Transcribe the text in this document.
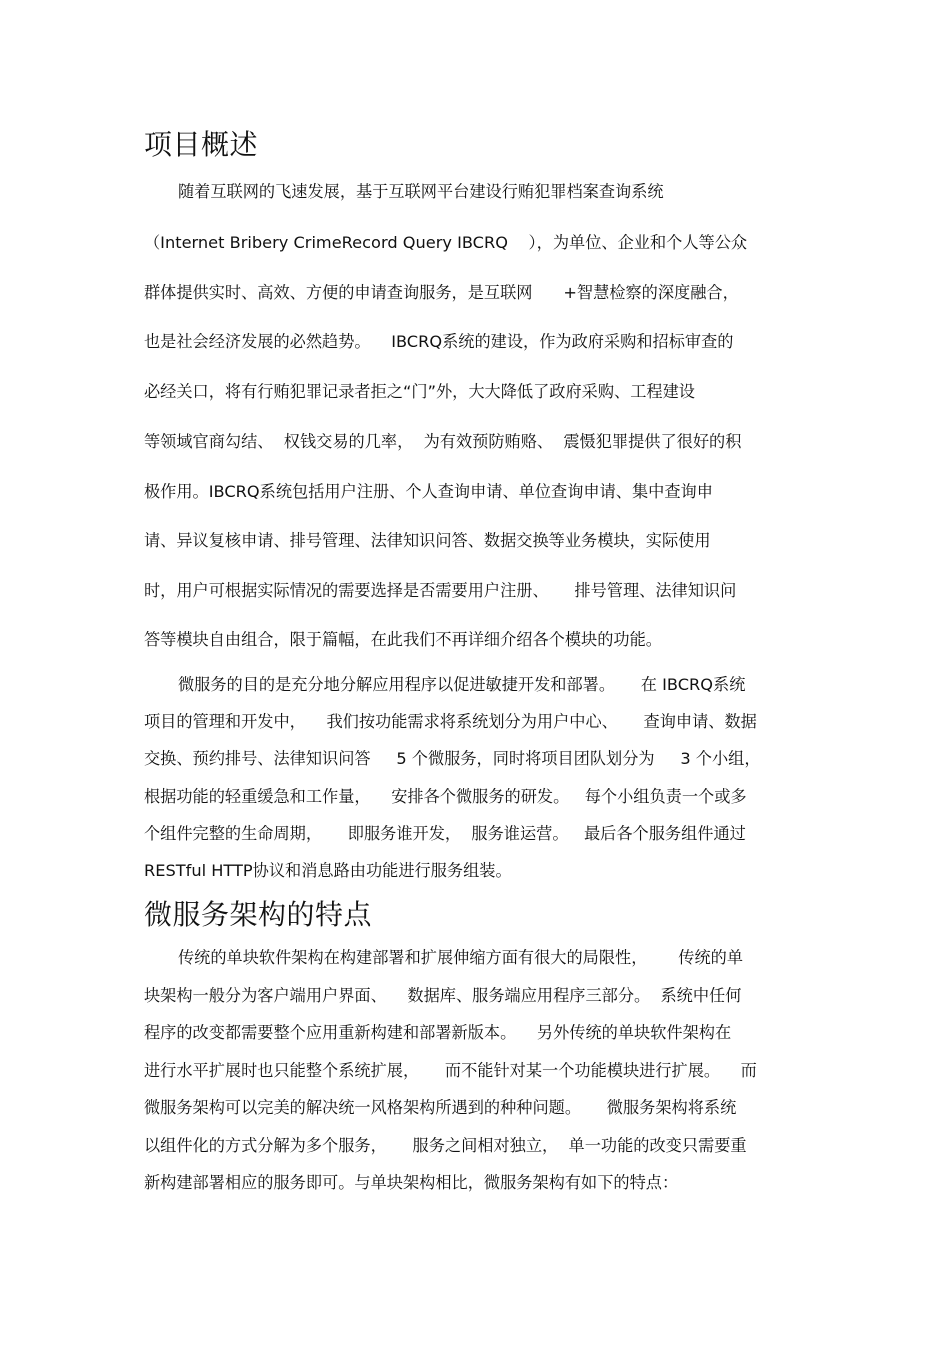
项目概述
随着互联网的飞速发展，基于互联网平台建设行贿犯罪档案查询系统
（Internet Bribery CrimeRecord Query IBCRQ    ），为单位、企业和个人等公众
群体提供实时、高效、方便的申请查询服务，是互联网      +智慧检察的深度融合，
也是社会经济发展的必然趋势。    IBCRQ系统的建设，作为政府采购和招标审查的
必经关口，将有行贿犯罪记录者拒之“门”外，大大降低了政府采购、工程建设
等领域官商勾结、  权钱交易的几率，  为有效预防贿赂、  震慑犯罪提供了很好的积
极作用。IBCRQ系统包括用户注册、个人查询申请、单位查询申请、集中查询申
请、异议复核申请、排号管理、法律知识问答、数据交换等业务模块，实际使用
时，用户可根据实际情况的需要选择是否需要用户注册、     排号管理、法律知识问
答等模块自由组合，限于篇幅，在此我们不再详细介绍各个模块的功能。
微服务的目的是充分地分解应用程序以促进敏捷开发和部署。     在 IBCRQ系统
项目的管理和开发中，    我们按功能需求将系统划分为用户中心、     查询申请、数据
交换、预约排号、法律知识问答     5 个微服务，同时将项目团队划分为     3 个小组，
根据功能的轻重缓急和工作量，    安排各个微服务的研发。   每个小组负责一个或多
个组件完整的生命周期，     即服务谁开发，  服务谁运营。   最后各个服务组件通过
RESTful HTTP协议和消息路由功能进行服务组装。
微服务架构的特点
传统的单块软件架构在构建部署和扩展伸缩方面有很大的局限性，      传统的单
块架构一般分为客户端用户界面、    数据库、服务端应用程序三部分。  系统中任何
程序的改变都需要整个应用重新构建和部署新版本。    另外传统的单块软件架构在
进行水平扩展时也只能整个系统扩展，     而不能针对某一个功能模块进行扩展。    而
微服务架构可以完美的解决统一风格架构所遇到的种种问题。     微服务架构将系统
以组件化的方式分解为多个服务，     服务之间相对独立，  单一功能的改变只需要重
新构建部署相应的服务即可。与单块架构相比，微服务架构有如下的特点：
